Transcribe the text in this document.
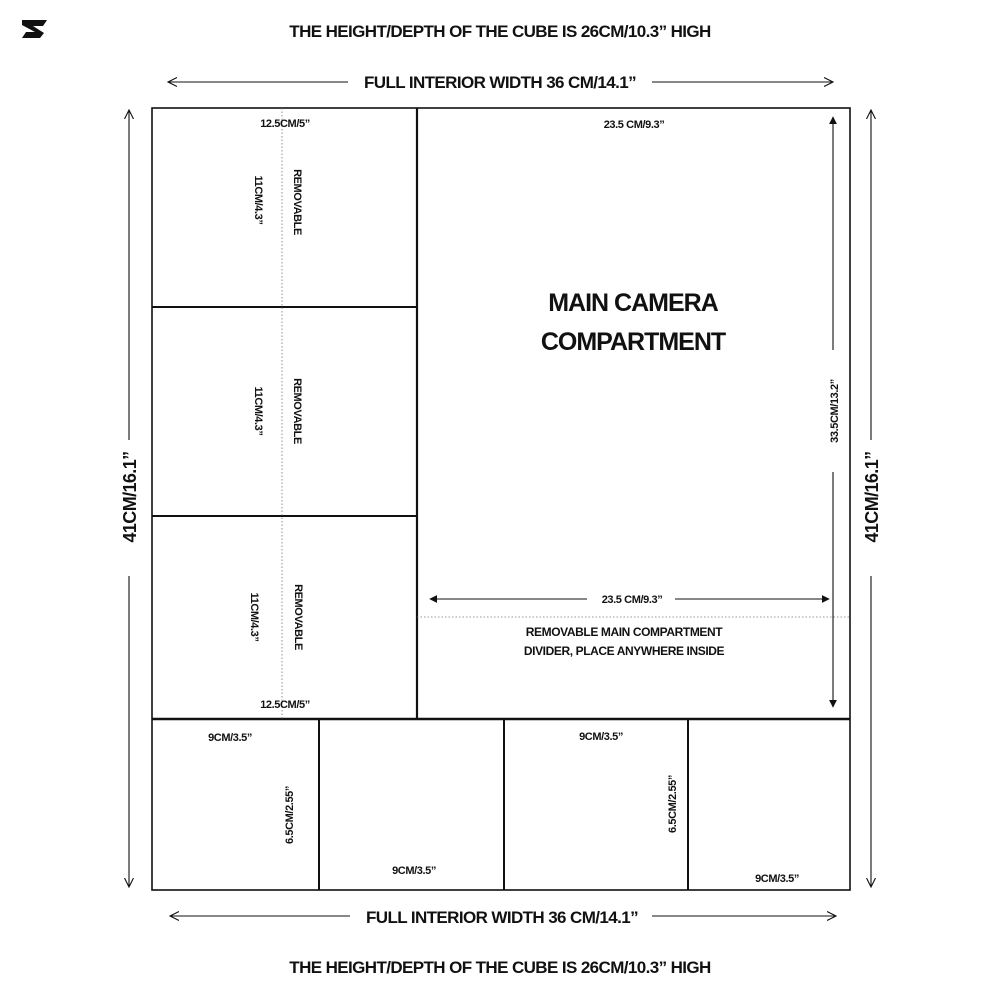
THE HEIGHT/DEPTH OF THE CUBE IS 26CM/10.3” HIGH
THE HEIGHT/DEPTH OF THE CUBE IS 26CM/10.3” HIGH
FULL INTERIOR WIDTH 36 CM/14.1”
FULL INTERIOR WIDTH 36 CM/14.1”
41CM/16.1”	41CM/16.1”
12.5CM/5”
12.5CM/5”
11CM/4.3” REMOVABLE
11CM/4.3” REMOVABLE
11CM/4.3”	REMOVABLE
23.5 CM/9.3”
MAIN CAMERA
COMPARTMENT
33.5CM/13.2”
23.5 CM/9.3”
REMOVABLE MAIN COMPARTMENT
DIVIDER, PLACE ANYWHERE INSIDE
9CM/3.5”
6.5CM/2.55”
9CM/3.5”
9CM/3.5”
6.5CM/2.55”
9CM/3.5”
